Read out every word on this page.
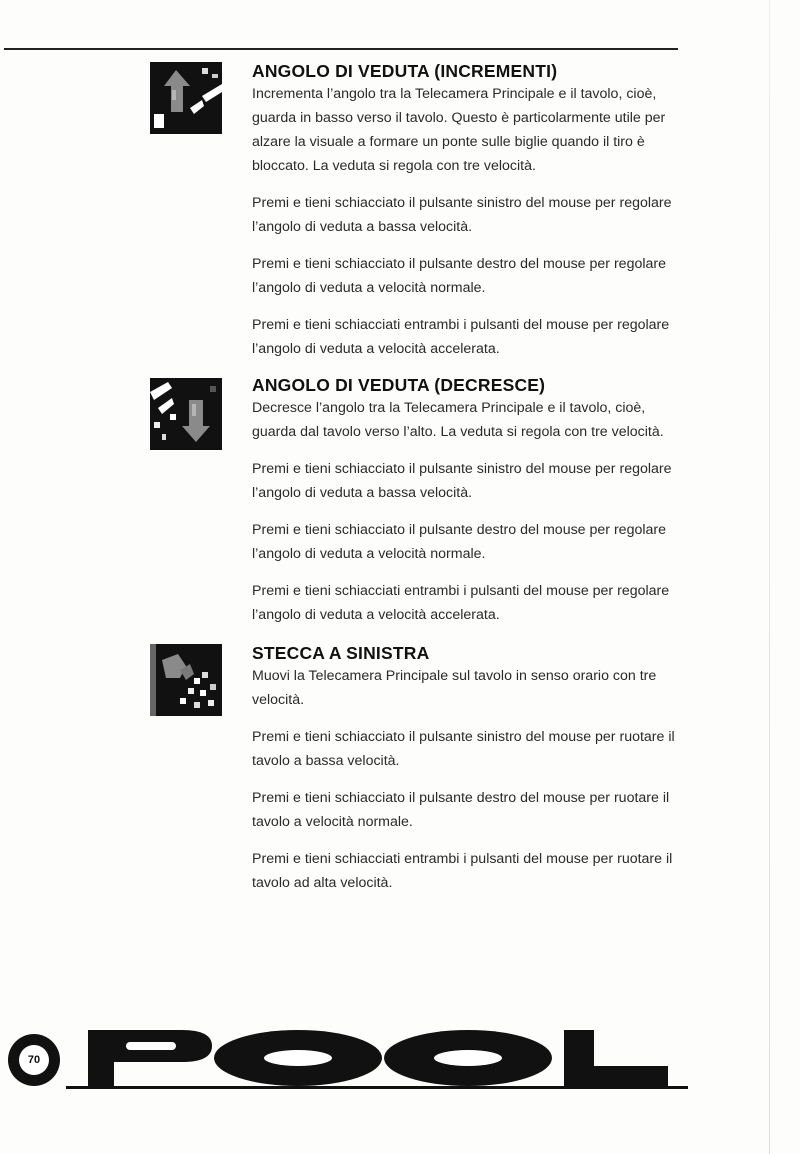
ANGOLO DI VEDUTA (INCREMENTI)

Incrementa l’angolo tra la Telecamera Principale e il tavolo, cioè, guarda in basso verso il tavolo. Questo è particolarmente utile per alzare la visuale a formare un ponte sulle biglie quando il tiro è bloccato. La veduta si regola con tre velocità.

Premi e tieni schiacciato il pulsante sinistro del mouse per regolare l’angolo di veduta a bassa velocità.

Premi e tieni schiacciato il pulsante destro del mouse per regolare l’angolo di veduta a velocità normale.

Premi e tieni schiacciati entrambi i pulsanti del mouse per regolare l’angolo di veduta a velocità accelerata.

ANGOLO DI VEDUTA (DECRESCE)

Decresce l’angolo tra la Telecamera Principale e il tavolo, cioè, guarda dal tavolo verso l’alto. La veduta si regola con tre velocità.

Premi e tieni schiacciato il pulsante sinistro del mouse per regolare l’angolo di veduta a bassa velocità.

Premi e tieni schiacciato il pulsante destro del mouse per regolare l’angolo di veduta a velocità normale.

Premi e tieni schiacciati entrambi i pulsanti del mouse per regolare l’angolo di veduta a velocità accelerata.

STECCA A SINISTRA

Muovi la Telecamera Principale sul tavolo in senso orario con tre velocità.

Premi e tieni schiacciato il pulsante sinistro del mouse per ruotare il tavolo a bassa velocità.

Premi e tieni schiacciato il pulsante destro del mouse per ruotare il tavolo a velocità normale.

Premi e tieni schiacciati entrambi i pulsanti del mouse per ruotare il tavolo ad alta velocità.

70
